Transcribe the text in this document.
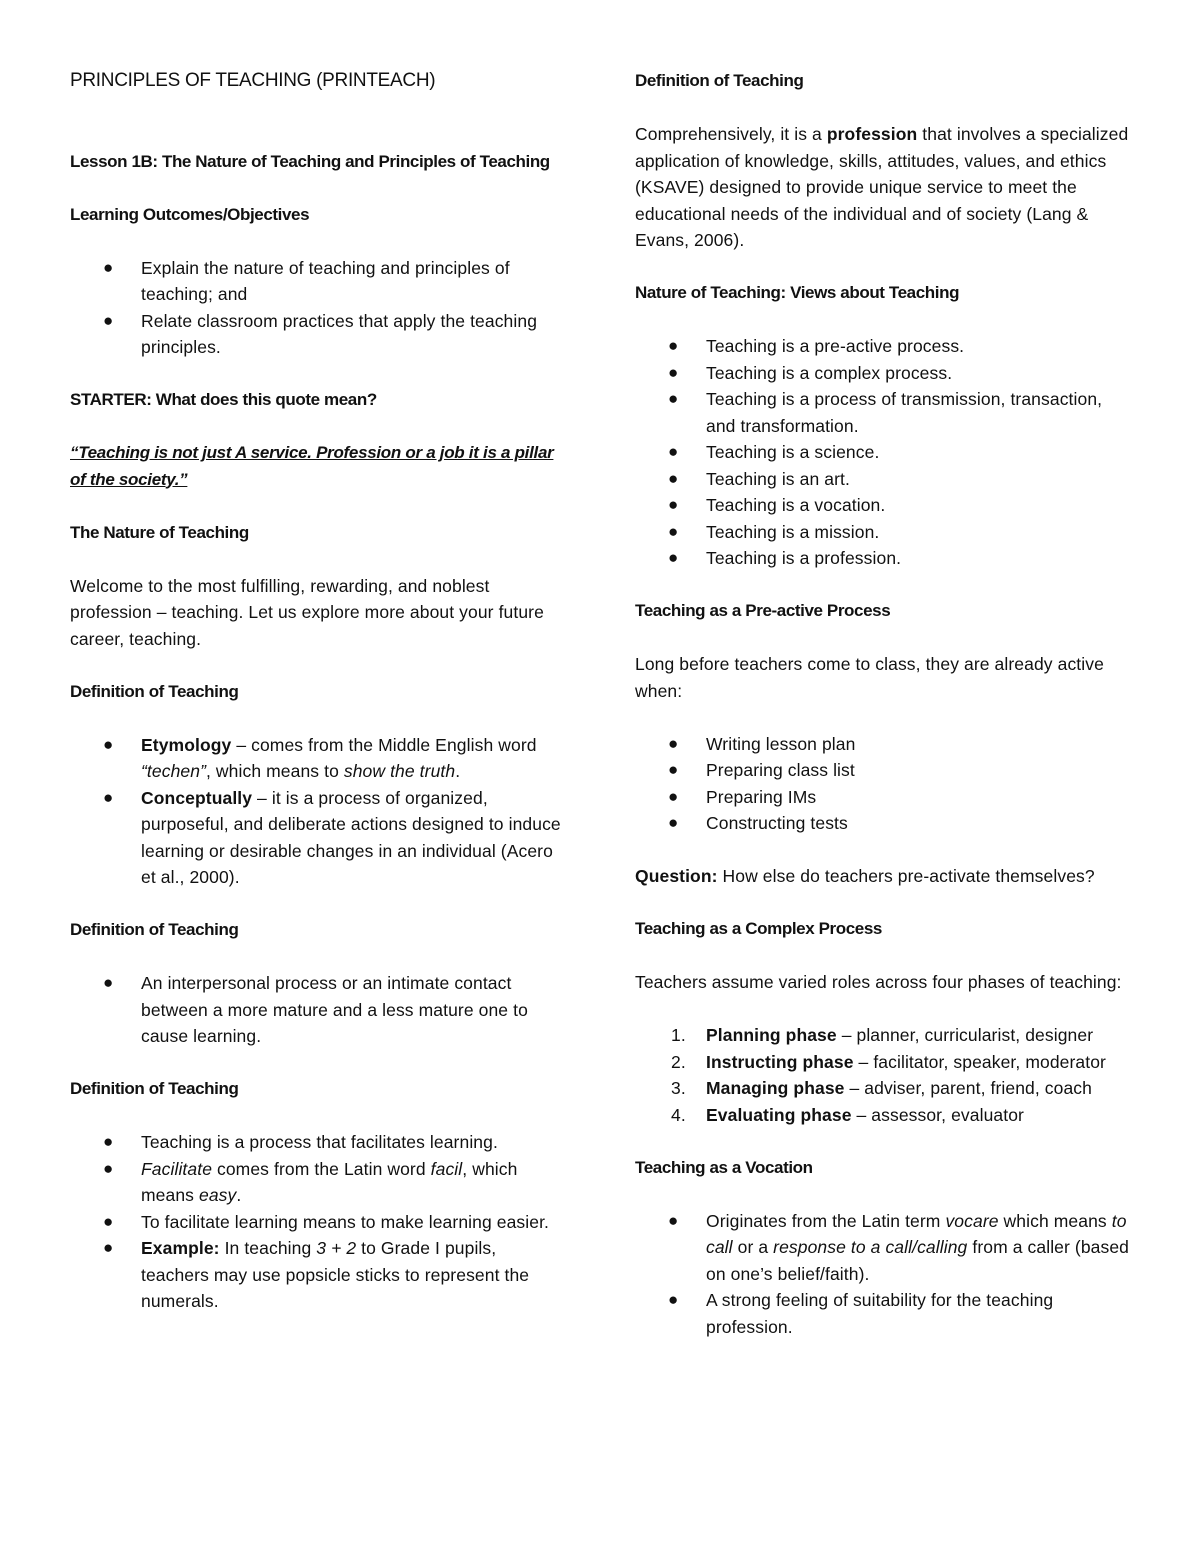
PRINCIPLES OF TEACHING (PRINTEACH)
Lesson 1B: The Nature of Teaching and Principles of Teaching
Learning Outcomes/Objectives
● Explain the nature of teaching and principles of teaching; and
● Relate classroom practices that apply the teaching principles.
STARTER: What does this quote mean?
“Teaching is not just A service. Profession or a job it is a pillar of the society.”
The Nature of Teaching

Welcome to the most fulfilling, rewarding, and noblest profession – teaching. Let us explore more about your future career, teaching.

Definition of Teaching
● Etymology – comes from the Middle English word “techen”, which means to show the truth.
● Conceptually – it is a process of organized, purposeful, and deliberate actions designed to induce learning or desirable changes in an individual (Acero et al., 2000).
Definition of Teaching
● An interpersonal process or an intimate contact between a more mature and a less mature one to cause learning.
Definition of Teaching
● Teaching is a process that facilitates learning.
● Facilitate comes from the Latin word facil, which means easy.
● To facilitate learning means to make learning easier.
● Example: In teaching 3 + 2 to Grade I pupils, teachers may use popsicle sticks to represent the numerals.
Definition of Teaching

Comprehensively, it is a profession that involves a specialized application of knowledge, skills, attitudes, values, and ethics (KSAVE) designed to provide unique service to meet the educational needs of the individual and of society (Lang & Evans, 2006).

Nature of Teaching: Views about Teaching
● Teaching is a pre-active process.
● Teaching is a complex process.
● Teaching is a process of transmission, transaction, and transformation.
● Teaching is a science.
● Teaching is an art.
● Teaching is a vocation.
● Teaching is a mission.
● Teaching is a profession.
Teaching as a Pre-active Process

Long before teachers come to class, they are already active when:

● Writing lesson plan
● Preparing class list
● Preparing IMs
● Constructing tests

Question: How else do teachers pre-activate themselves?

Teaching as a Complex Process

Teachers assume varied roles across four phases of teaching:

1. Planning phase – planner, curricularist, designer
2. Instructing phase – facilitator, speaker, moderator
3. Managing phase – adviser, parent, friend, coach
4. Evaluating phase – assessor, evaluator
Teaching as a Vocation
● Originates from the Latin term vocare which means to call or a response to a call/calling from a caller (based on one’s belief/faith).
● A strong feeling of suitability for the teaching profession.
